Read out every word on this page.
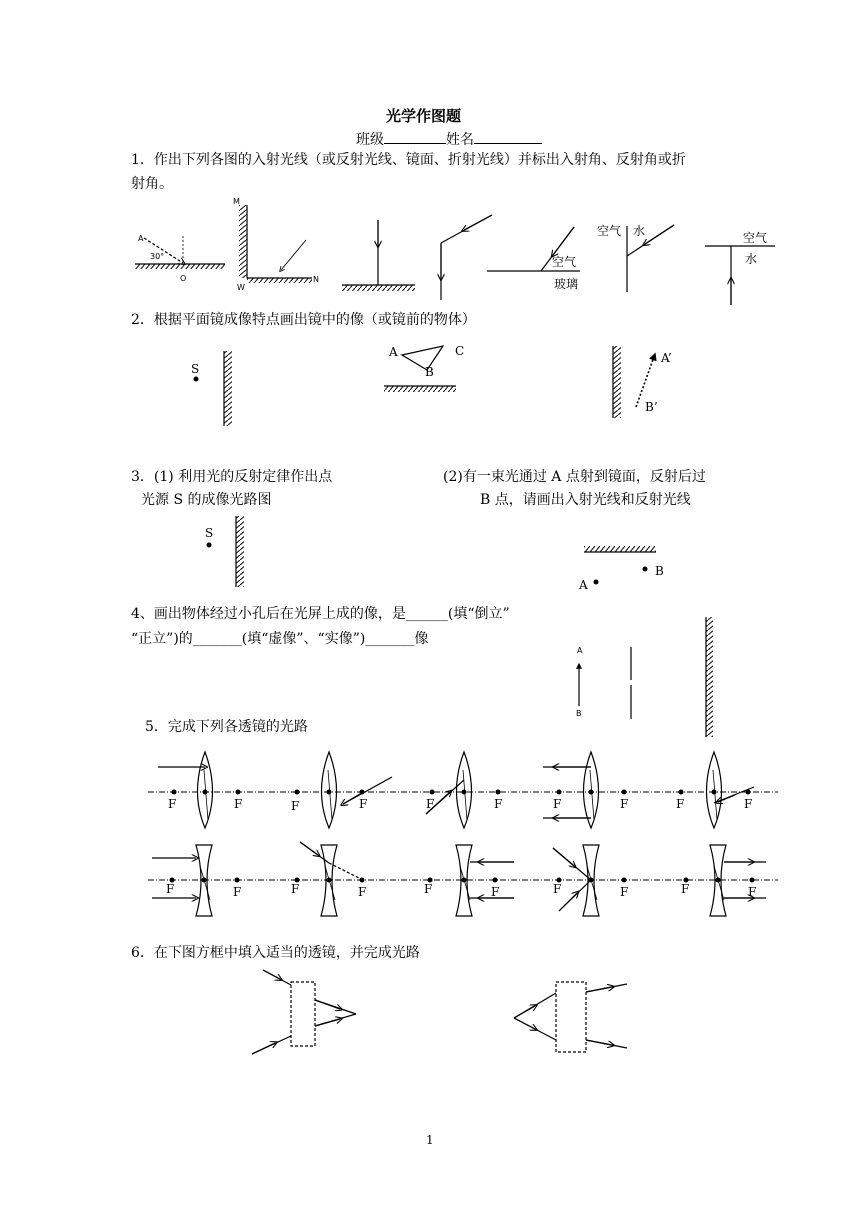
光学作图题
班级	姓名
1．作出下列各图的入射光线（或反射光线、镜面、折射光线）并标出入射角、反射角或折
射角。
2．根据平面镜成像特点画出镜中的像（或镜前的物体）
3．(1) 利用光的反射定律作出点
光源 S 的成像光路图
(2)有一束光通过 A 点射到镜面，反射后过
B 点，请画出入射光线和反射光线
4、画出物体经过小孔后在光屏上成的像，是______(填“倒立”
“正立”)的_______(填“虚像”、“实像”)_______像
5．完成下列各透镜的光路
6．在下图方框中填入适当的透镜，并完成光路
1
A
30°
O
M
N
W
空气
玻璃
空气 水	空气
水
S
A
B
C	A’
B’
S
A
B
A
B
F	F	F	F	F	F	F	F	F	F
F	F	F	F	F	F	F	F	F	F
